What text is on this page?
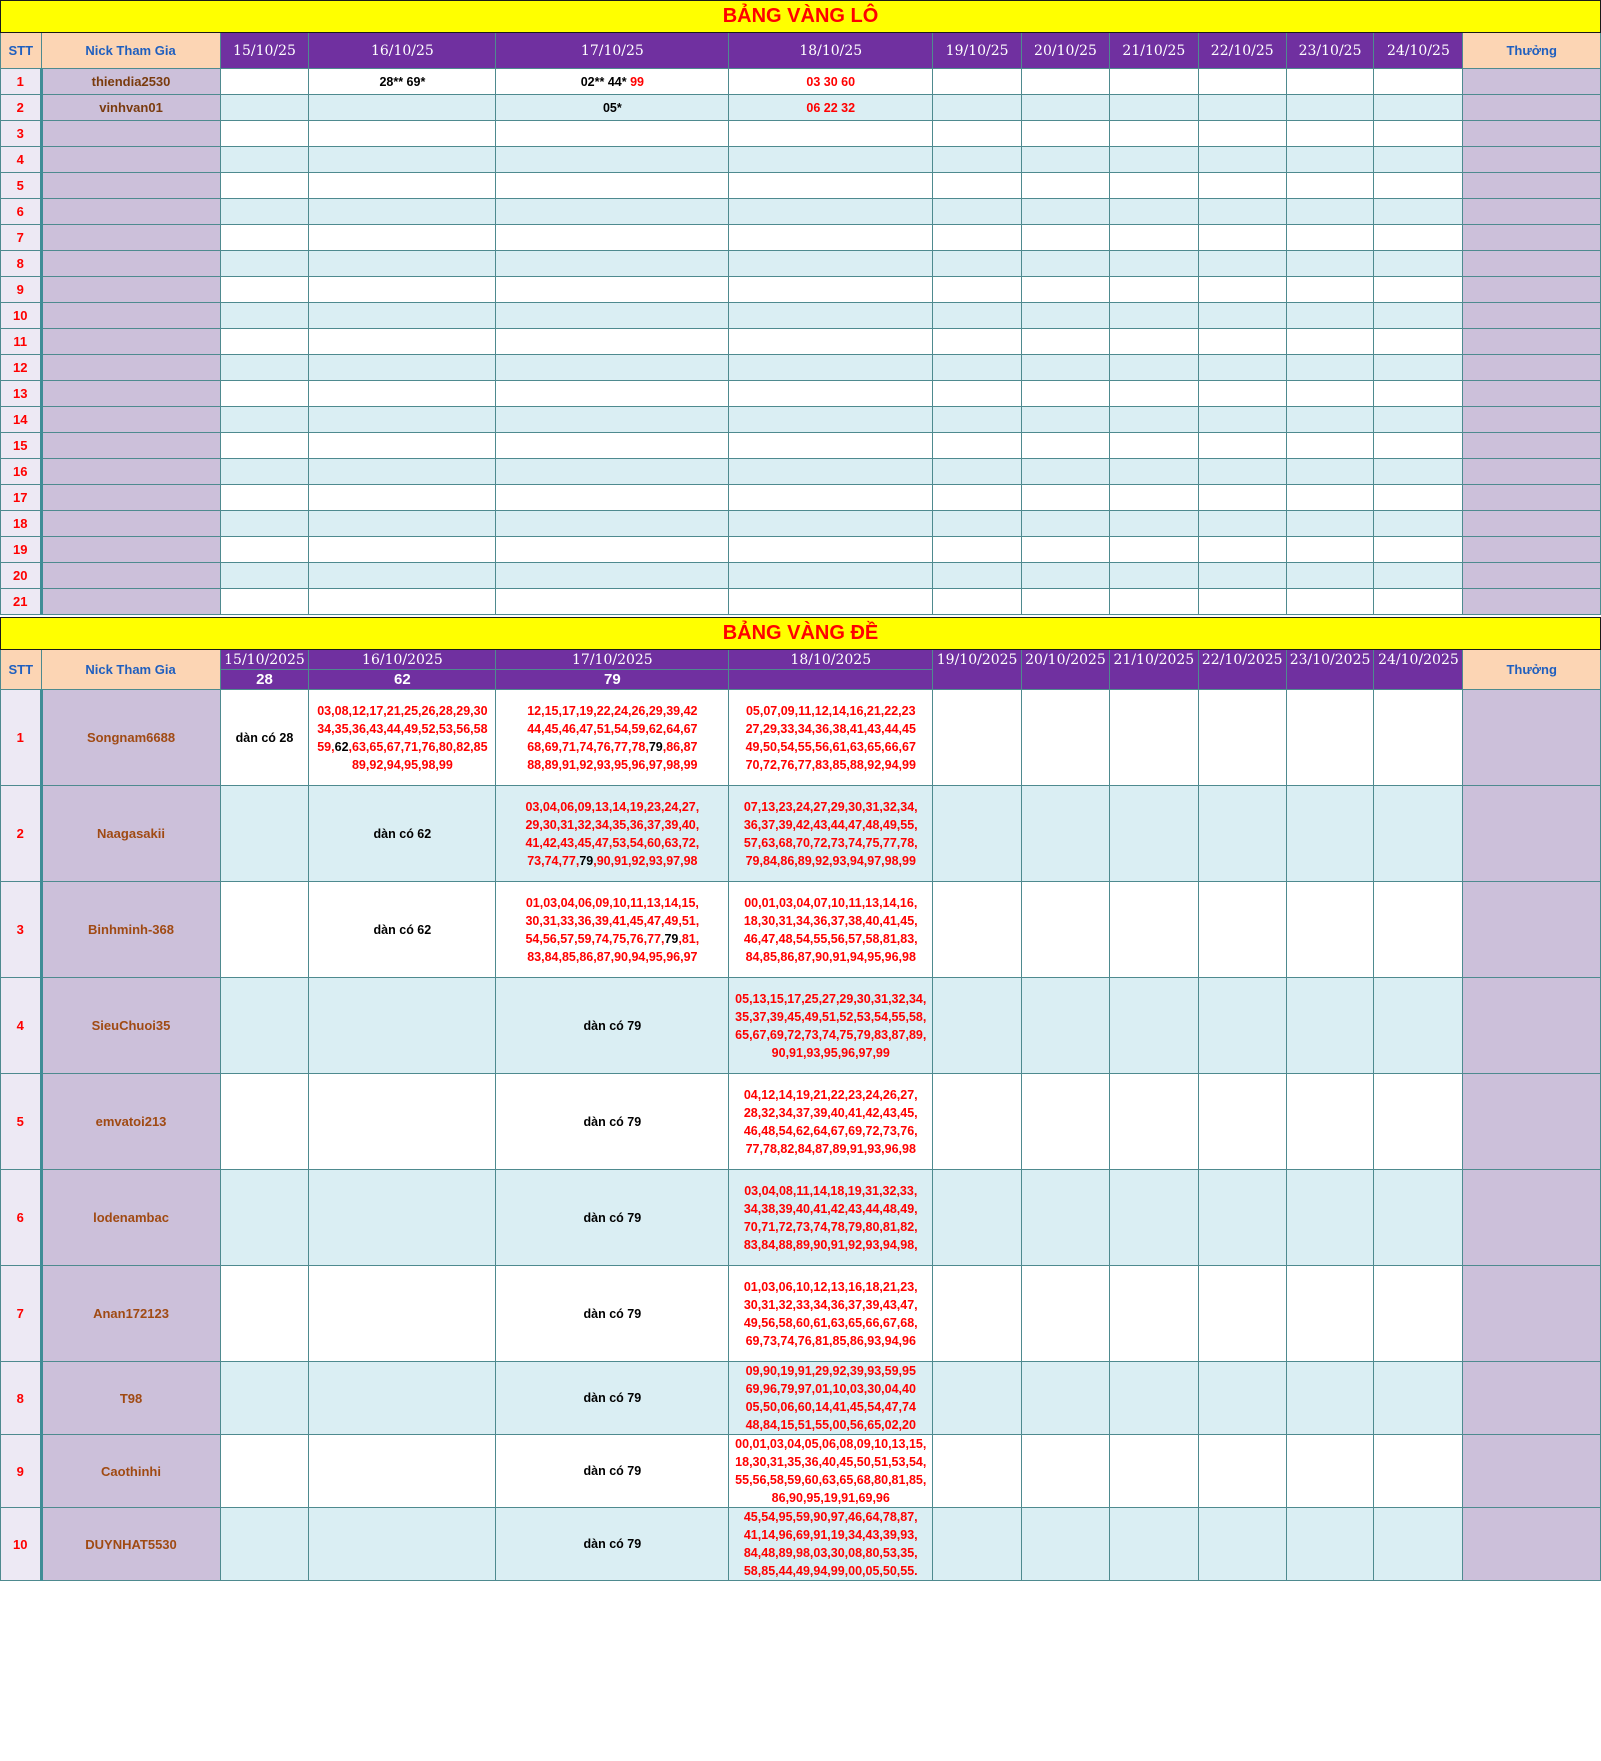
BẢNG VÀNG LÔ												
STT	Nick Tham Gia	15/10/25	16/10/25	17/10/25	18/10/25	19/10/25	20/10/25	21/10/25	22/10/25	23/10/25	24/10/25	Thưởng
1	thiendia2530		28** 69*	02** 44* 99	03 30 60							
2	vinhvan01			05*	06 22 32							
3												
4												
5												
6												
7												
8												
9												
10												
11												
12												
13												
14												
15												
16												
17												
18												
19												
20												
21												

BẢNG VÀNG ĐỀ												
STT	Nick Tham Gia	15/10/2025	16/10/2025	17/10/2025	18/10/2025	19/10/2025	20/10/2025	21/10/2025	22/10/2025	23/10/2025	24/10/2025	Thưởng
		28	62	79								
1	Songnam6688	dàn có 28	03,08,12,17,21,25,26,28,29,30
34,35,36,43,44,49,52,53,56,58
59,62,63,65,67,71,76,80,82,85
89,92,94,95,98,99	12,15,17,19,22,24,26,29,39,42
44,45,46,47,51,54,59,62,64,67
68,69,71,74,76,77,78,79,86,87
88,89,91,92,93,95,96,97,98,99	05,07,09,11,12,14,16,21,22,23
27,29,33,34,36,38,41,43,44,45
49,50,54,55,56,61,63,65,66,67
70,72,76,77,83,85,88,92,94,99							
2	Naagasakii		dàn có 62	03,04,06,09,13,14,19,23,24,27,
29,30,31,32,34,35,36,37,39,40,
41,42,43,45,47,53,54,60,63,72,
73,74,77,79,90,91,92,93,97,98	07,13,23,24,27,29,30,31,32,34,
36,37,39,42,43,44,47,48,49,55,
57,63,68,70,72,73,74,75,77,78,
79,84,86,89,92,93,94,97,98,99							
3	Binhminh-368		dàn có 62	01,03,04,06,09,10,11,13,14,15,
30,31,33,36,39,41,45,47,49,51,
54,56,57,59,74,75,76,77,79,81,
83,84,85,86,87,90,94,95,96,97	00,01,03,04,07,10,11,13,14,16,
18,30,31,34,36,37,38,40,41,45,
46,47,48,54,55,56,57,58,81,83,
84,85,86,87,90,91,94,95,96,98							
4	SieuChuoi35			dàn có 79	05,13,15,17,25,27,29,30,31,32,34,
35,37,39,45,49,51,52,53,54,55,58,
65,67,69,72,73,74,75,79,83,87,89,
90,91,93,95,96,97,99							
5	emvatoi213			dàn có 79	04,12,14,19,21,22,23,24,26,27,
28,32,34,37,39,40,41,42,43,45,
46,48,54,62,64,67,69,72,73,76,
77,78,82,84,87,89,91,93,96,98							
6	lodenambac			dàn có 79	03,04,08,11,14,18,19,31,32,33,
34,38,39,40,41,42,43,44,48,49,
70,71,72,73,74,78,79,80,81,82,
83,84,88,89,90,91,92,93,94,98,							
7	Anan172123			dàn có 79	01,03,06,10,12,13,16,18,21,23,
30,31,32,33,34,36,37,39,43,47,
49,56,58,60,61,63,65,66,67,68,
69,73,74,76,81,85,86,93,94,96							
8	T98			dàn có 79	09,90,19,91,29,92,39,93,59,95
69,96,79,97,01,10,03,30,04,40
05,50,06,60,14,41,45,54,47,74
48,84,15,51,55,00,56,65,02,20							
9	Caothinhi			dàn có 79	00,01,03,04,05,06,08,09,10,13,15,
18,30,31,35,36,40,45,50,51,53,54,
55,56,58,59,60,63,65,68,80,81,85,
86,90,95,19,91,69,96							
10	DUYNHAT5530			dàn có 79	45,54,95,59,90,97,46,64,78,87,
41,14,96,69,91,19,34,43,39,93,
84,48,89,98,03,30,08,80,53,35,
58,85,44,49,94,99,00,05,50,55.							
